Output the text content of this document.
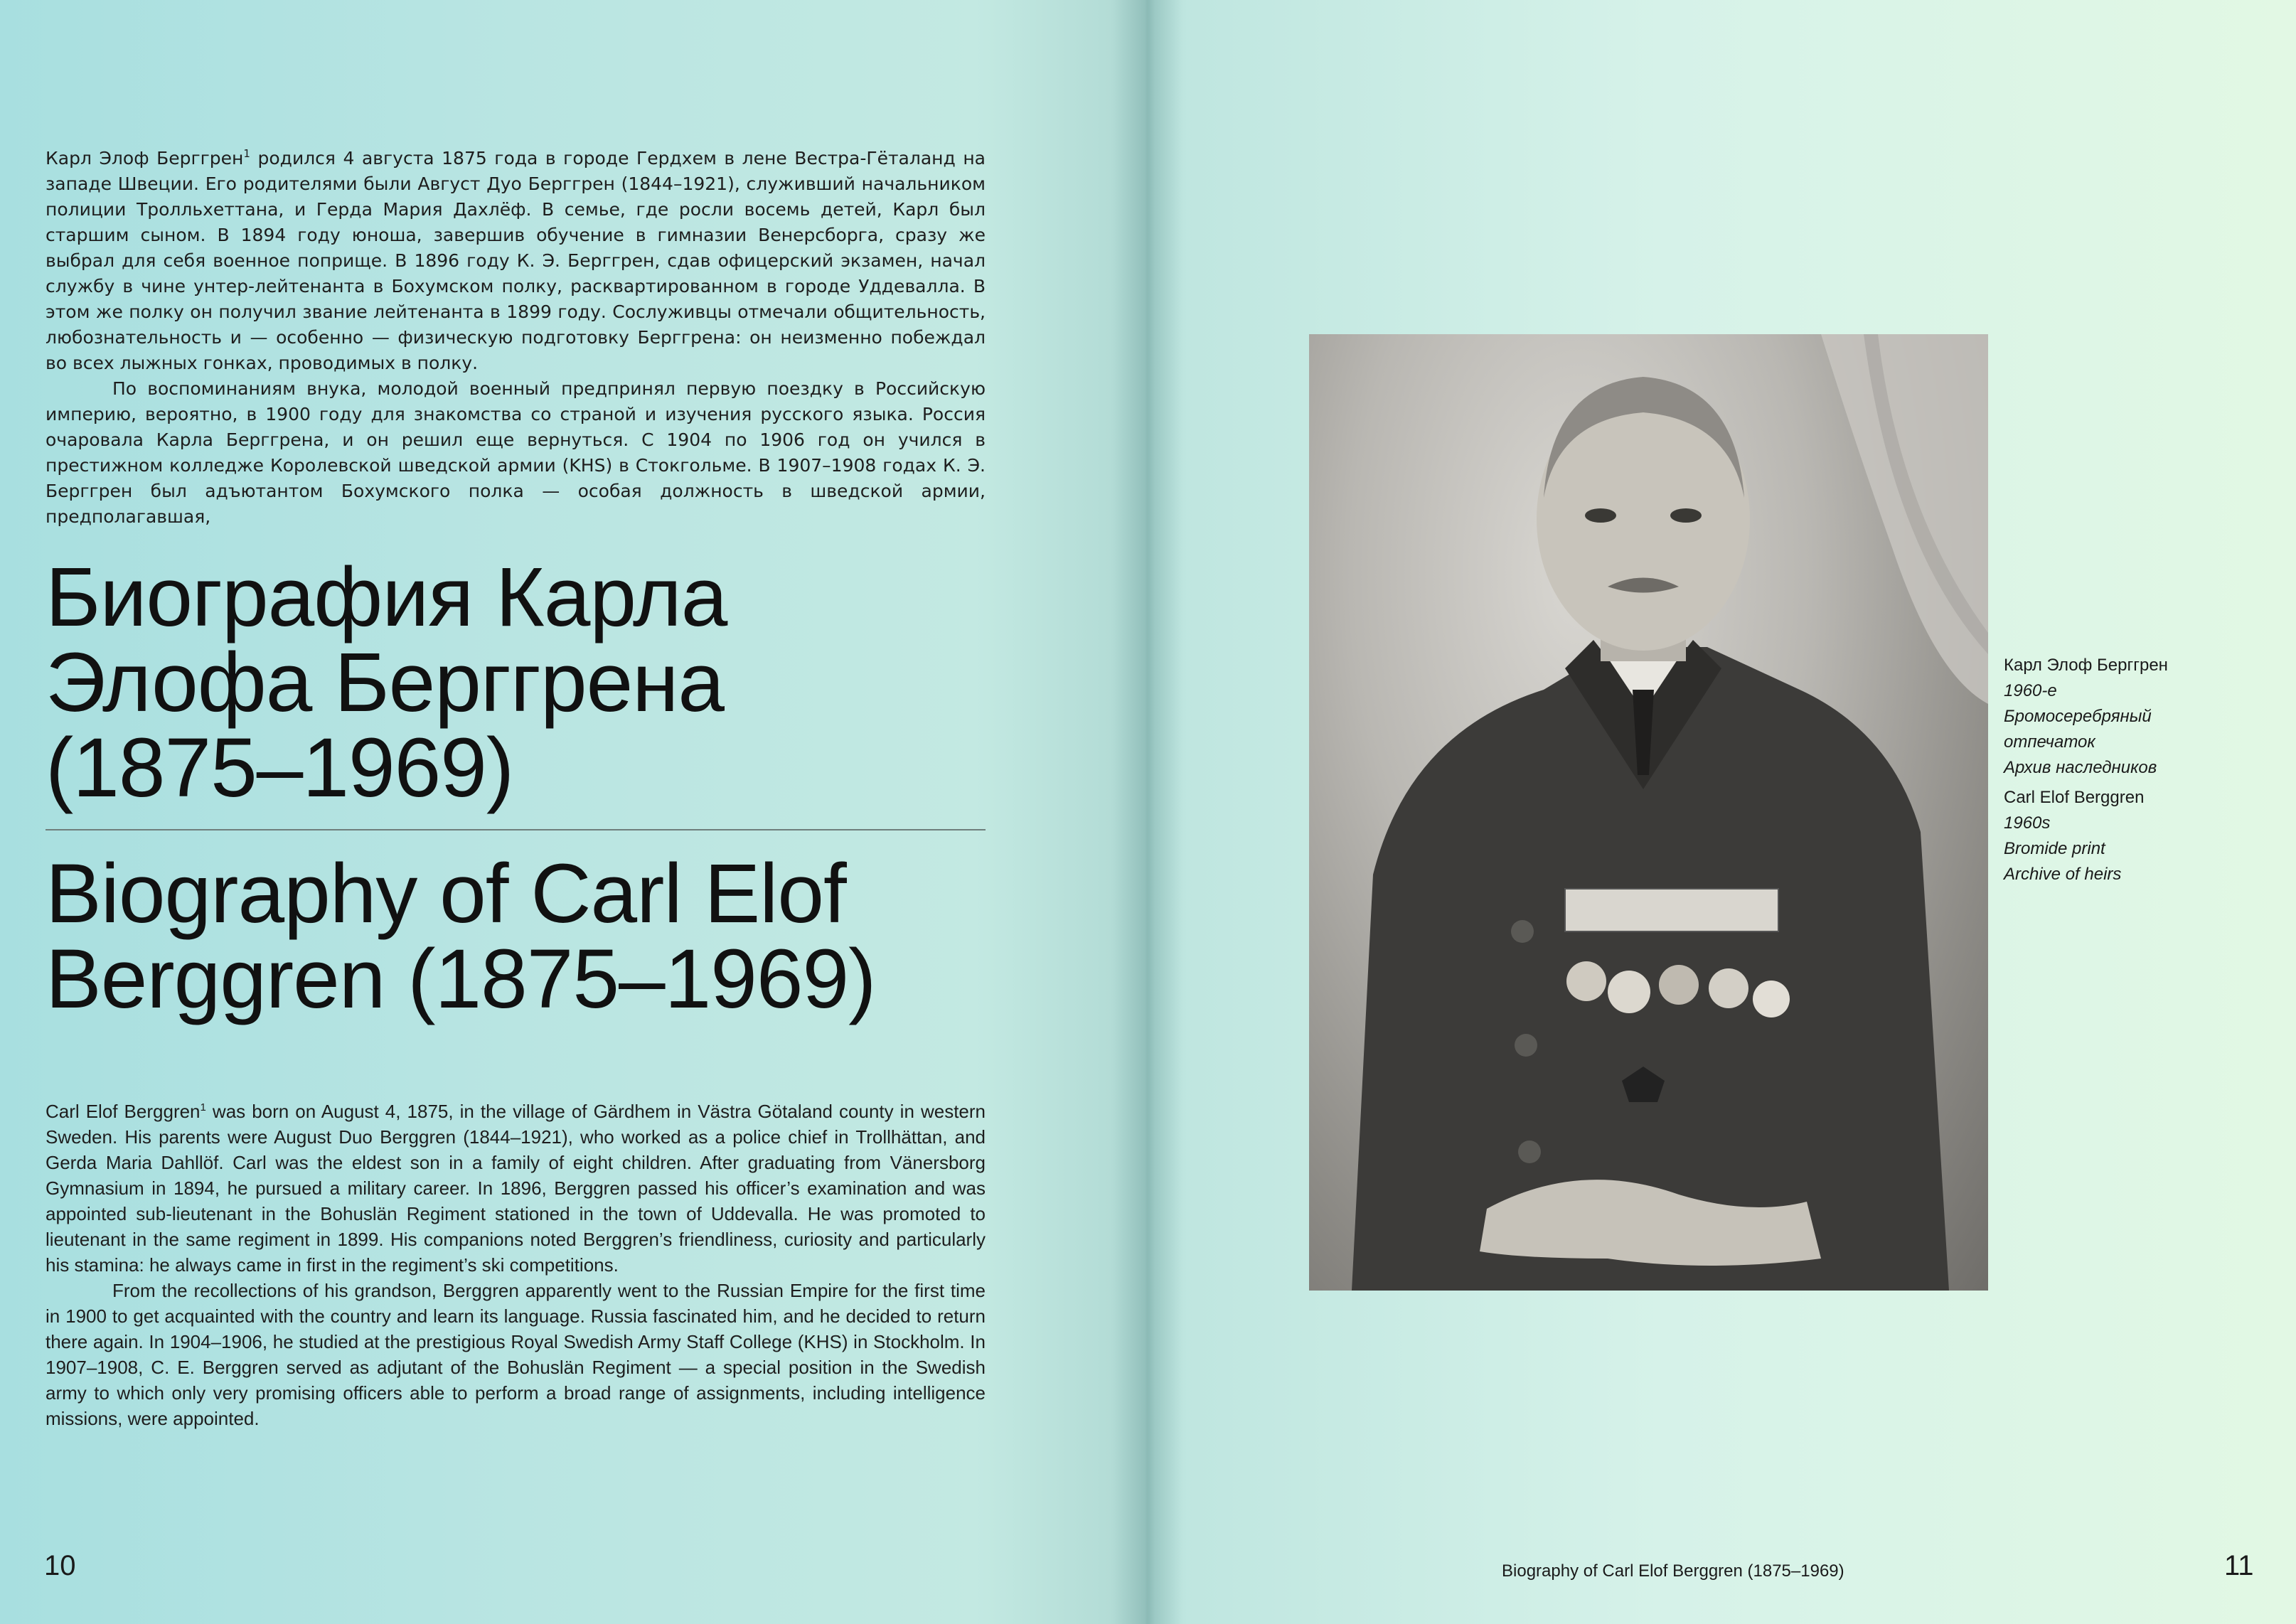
Карл Элоф Берггрен$^1$ родился 4 августа 1875 года в городе Гердхем в лене Вестра-Гёталанд на западе Швеции. Его родителями были Август Дуо Берггрен (1844–1921), служивший начальником полиции Тролльхеттана, и Герда Мария Дахлёф. В семье, где росли восемь детей, Карл был старшим сыном. В 1894 году юноша, завершив обучение в гимназии Венерсборга, сразу же выбрал для себя военное поприще. В 1896 году К. Э. Берггрен, сдав офицерский экзамен, начал службу в чине унтер-лейтенанта в Бохумском полку, расквартированном в городе Уддевалла. В этом же полку он получил звание лейтенанта в 1899 году. Сослуживцы отмечали общительность, любознательность и — особенно — физическую подготовку Берггрена: он неизменно побеждал во всех лыжных гонках, проводимых в полку.

По воспоминаниям внука, молодой военный предпринял первую поездку в Российскую империю, вероятно, в 1900 году для знакомства со страной и изучения русского языка. Россия очаровала Карла Берггрена, и он решил еще вернуться. С 1904 по 1906 год он учился в престижном колледже Королевской шведской армии (KHS) в Стокгольме. В 1907–1908 годах К. Э. Берггрен был адъютантом Бохумского полка — особая должность в шведской армии, предполагавшая,

Биография Карла
Элофа Берггрена
(1875–1969)
Biography of Carl Elof
Berggren (1875–1969)

Carl Elof Berggren$^1$ was born on August 4, 1875, in the village of Gärdhem in Västra Götaland county in western Sweden. His parents were August Duo Berggren (1844–1921), who worked as a police chief in Trollhättan, and Gerda Maria Dahllöf. Carl was the eldest son in a family of eight children. After graduating from Vänersborg Gymnasium in 1894, he pursued a military career. In 1896, Berggren passed his officer’s examination and was appointed sub-lieutenant in the Bohuslän Regiment stationed in the town of Uddevalla. He was promoted to lieutenant in the same regiment in 1899. His companions noted Berggren’s friendliness, curiosity and particularly his stamina: he always came in first in the regiment’s ski competitions.

From the recollections of his grandson, Berggren apparently went to the Russian Empire for the first time in 1900 to get acquainted with the country and learn its language. Russia fascinated him, and he decided to return there again. In 1904–1906, he studied at the prestigious Royal Swedish Army Staff College (KHS) in Stockholm. In 1907–1908, C. E. Berggren served as adjutant of the Bohuslän Regiment — a special position in the Swedish army to which only very promising officers able to perform a broad range of assignments, including intelligence missions, were appointed.

10
Карл Элоф Берггрен
1960-е
Бромосеребряный
отпечаток
Архив наследников
Carl Elof Berggren
1960s
Bromide print
Archive of heirs
Biography of Carl Elof Berggren (1875–1969)	11
